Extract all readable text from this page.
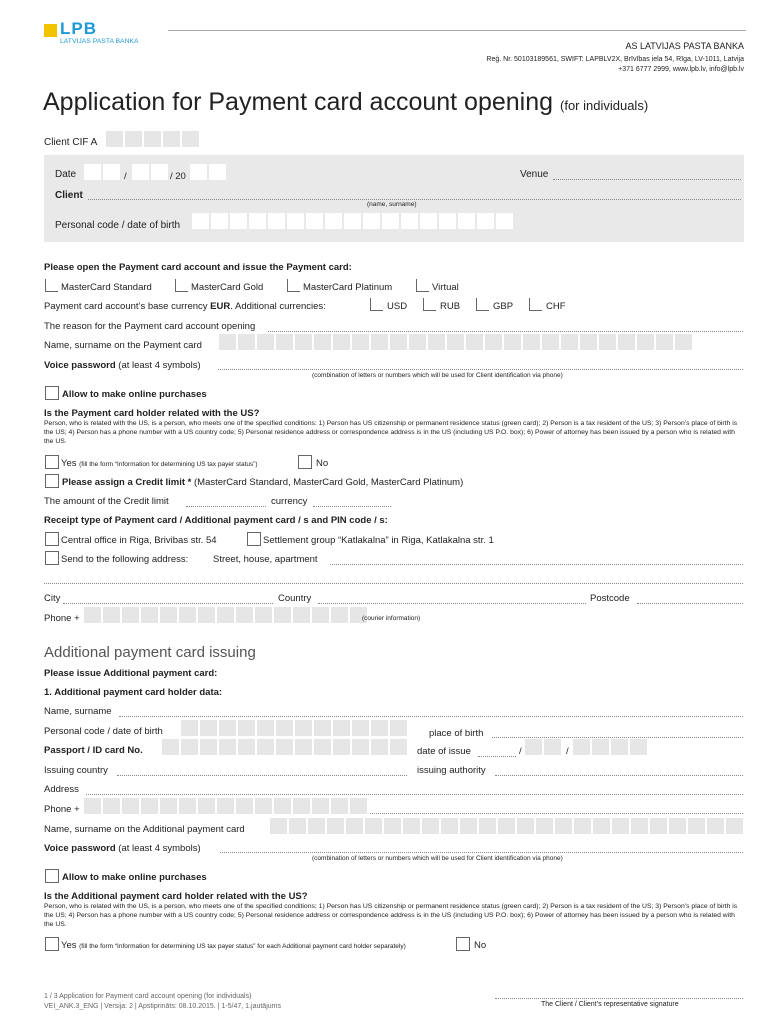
LPB
LATVIJAS PASTA BANKA	AS LATVIJAS PASTA BANKA
Reģ. Nr. 50103189561, SWIFT: LAPBLV2X, Brīvības iela 54, Rīga, LV-1011, Latvija
+371 6777 2999, www.lpb.lv, info@lpb.lv
Application for Payment card account opening (for individuals)
Client CIF A
Date	/	/ 20	Venue
Client
(name, surname)
Personal code / date of birth
Please open the Payment card account and issue the Payment card:
MasterCard Standard	MasterCard Gold	MasterCard Platinum	Virtual
Payment card account’s base currency EUR. Additional currencies:	USD	RUB	GBP	CHF
The reason for the Payment card account opening
Name, surname on the Payment card
Voice password (at least 4 symbols)
(combination of letters or numbers which will be used for Client identification via phone)
Allow to make online purchases
Is the Payment card holder related with the US?
Person, who is related with the US, is a person, who meets one of the specified conditions: 1) Person has US citizenship or permanent residence status (green card); 2) Person is a tax resident of the US; 3) Person’s place of birth is the US; 4) Person has a phone number with a US country code; 5) Personal residence address or correspondence address is in the US (including US P.O. box); 6) Power of attorney has been issued by a person who is related with the US.
Yes (fill the form “Information for determining US tax payer status”)	No
Please assign a Credit limit * (MasterCard Standard, MasterCard Gold, MasterCard Platinum)
The amount of the Credit limit	currency
Receipt type of Payment card / Additional payment card / s and PIN code / s:
Central office in Riga, Brivibas str. 54	Settlement group “Katlakalna” in Riga, Katlakalna str. 1
Send to the following address:	Street, house, apartment
City	Country	Postcode
Phone +	(courier information)
Additional payment card issuing
Please issue Additional payment card:
1. Additional payment card holder data:
Name, surname
Personal code / date of birth	place of birth
Passport / ID card No.	date of issue	/	/
Issuing country	issuing authority
Address
Phone +
Name, surname on the Additional payment card
Voice password (at least 4 symbols)
(combination of letters or numbers which will be used for Client identification via phone)
Allow to make online purchases
Is the Additional payment card holder related with the US?
Person, who is related with the US, is a person, who meets one of the specified conditions: 1) Person has US citizenship or permanent residence status (green card); 2) Person is a tax resident of the US; 3) Person’s place of birth is the US; 4) Person has a phone number with a US country code; 5) Personal residence address or correspondence address is in the US (including US P.O. box); 6) Power of attorney has been issued by a person who is related with the US.
Yes (fill the form “Information for determining US tax payer status” for each Additional payment card holder separately)	No
1 / 3 Application for Payment card account opening (for individuals)
VEI_ANK.3_ENG | Versija: 2 | Apstiprināts: 08.10.2015. | 1-5/47, 1.jautājums	The Client / Client’s representative signature
